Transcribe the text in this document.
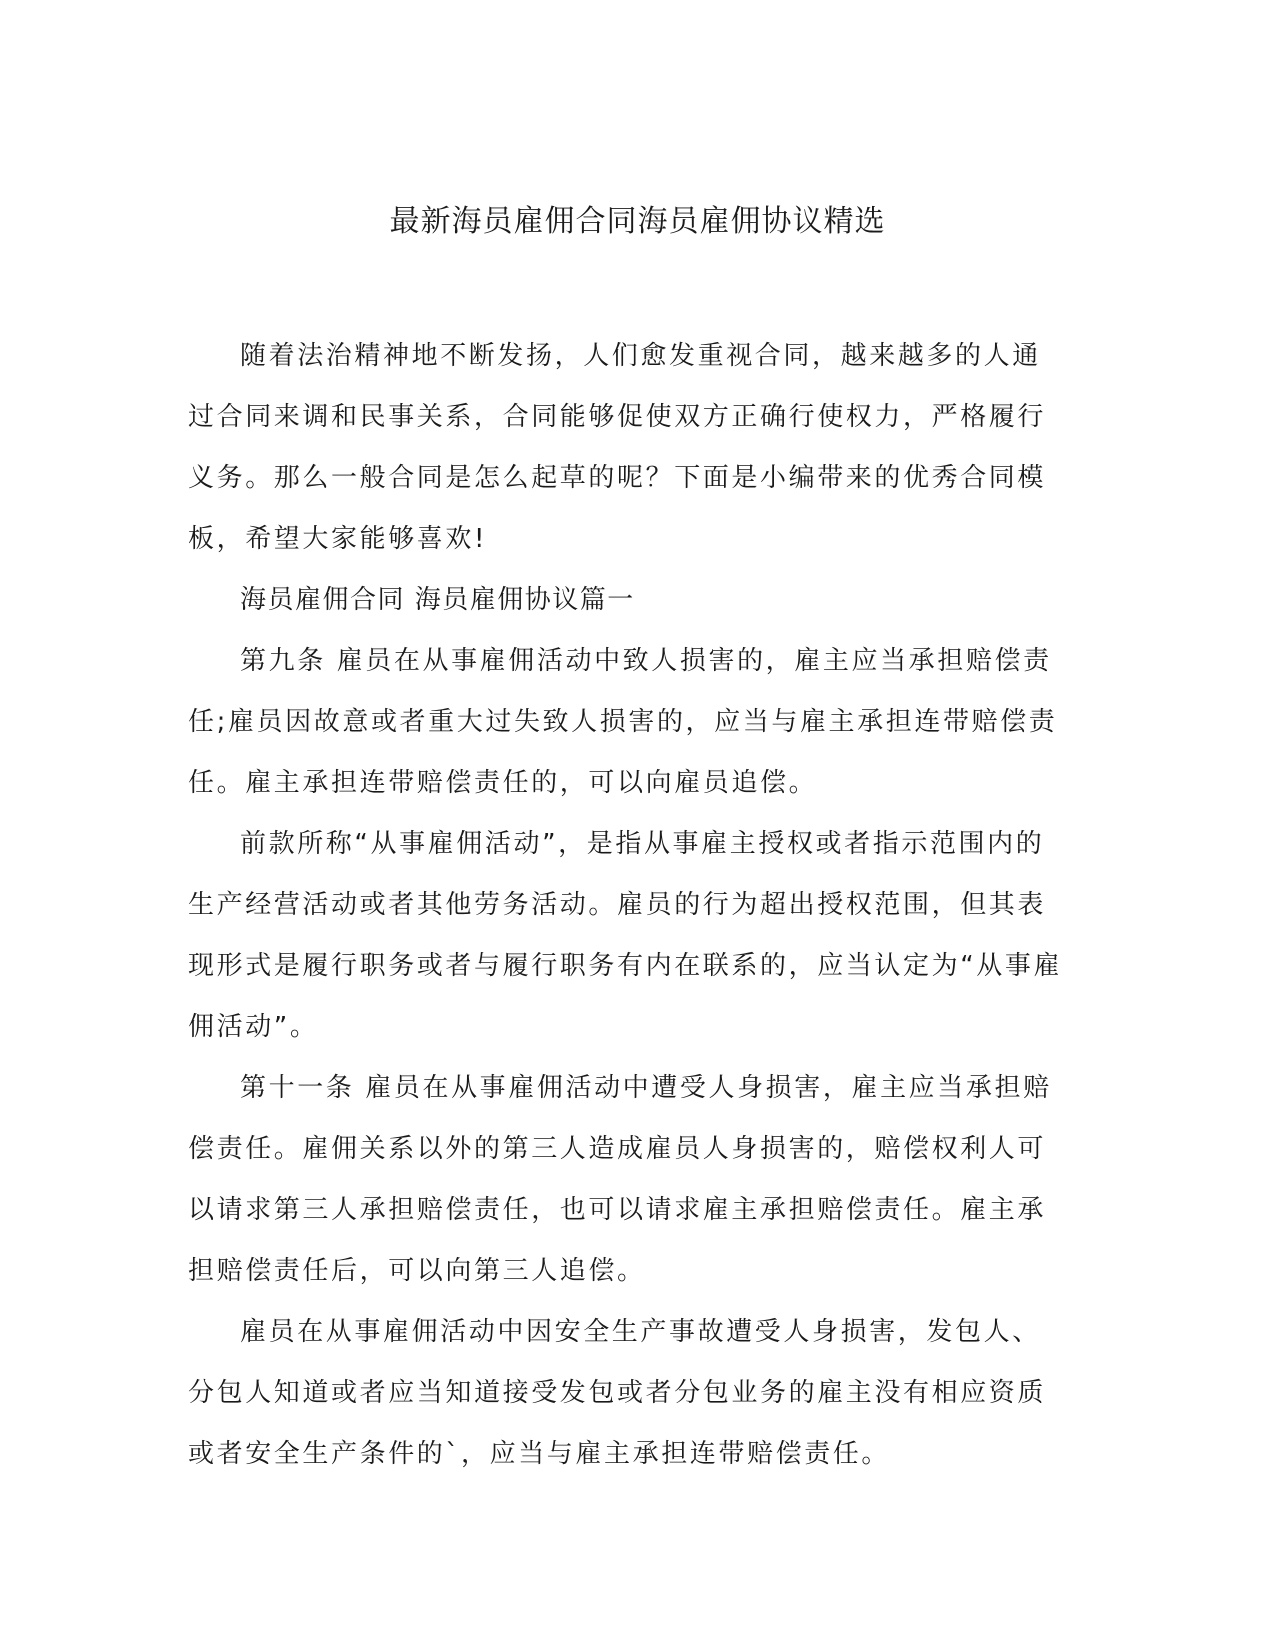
最新海员雇佣合同海员雇佣协议精选

随着法治精神地不断发扬，人们愈发重视合同，越来越多的人通过合同来调和民事关系，合同能够促使双方正确行使权力，严格履行义务。那么一般合同是怎么起草的呢？下面是小编带来的优秀合同模板，希望大家能够喜欢!

海员雇佣合同 海员雇佣协议篇一

第九条 雇员在从事雇佣活动中致人损害的，雇主应当承担赔偿责任;雇员因故意或者重大过失致人损害的，应当与雇主承担连带赔偿责任。雇主承担连带赔偿责任的，可以向雇员追偿。

前款所称“从事雇佣活动”，是指从事雇主授权或者指示范围内的生产经营活动或者其他劳务活动。雇员的行为超出授权范围，但其表现形式是履行职务或者与履行职务有内在联系的，应当认定为“从事雇佣活动”。

第十一条 雇员在从事雇佣活动中遭受人身损害，雇主应当承担赔偿责任。雇佣关系以外的第三人造成雇员人身损害的，赔偿权利人可以请求第三人承担赔偿责任，也可以请求雇主承担赔偿责任。雇主承担赔偿责任后，可以向第三人追偿。

雇员在从事雇佣活动中因安全生产事故遭受人身损害，发包人、分包人知道或者应当知道接受发包或者分包业务的雇主没有相应资质或者安全生产条件的`，应当与雇主承担连带赔偿责任。
